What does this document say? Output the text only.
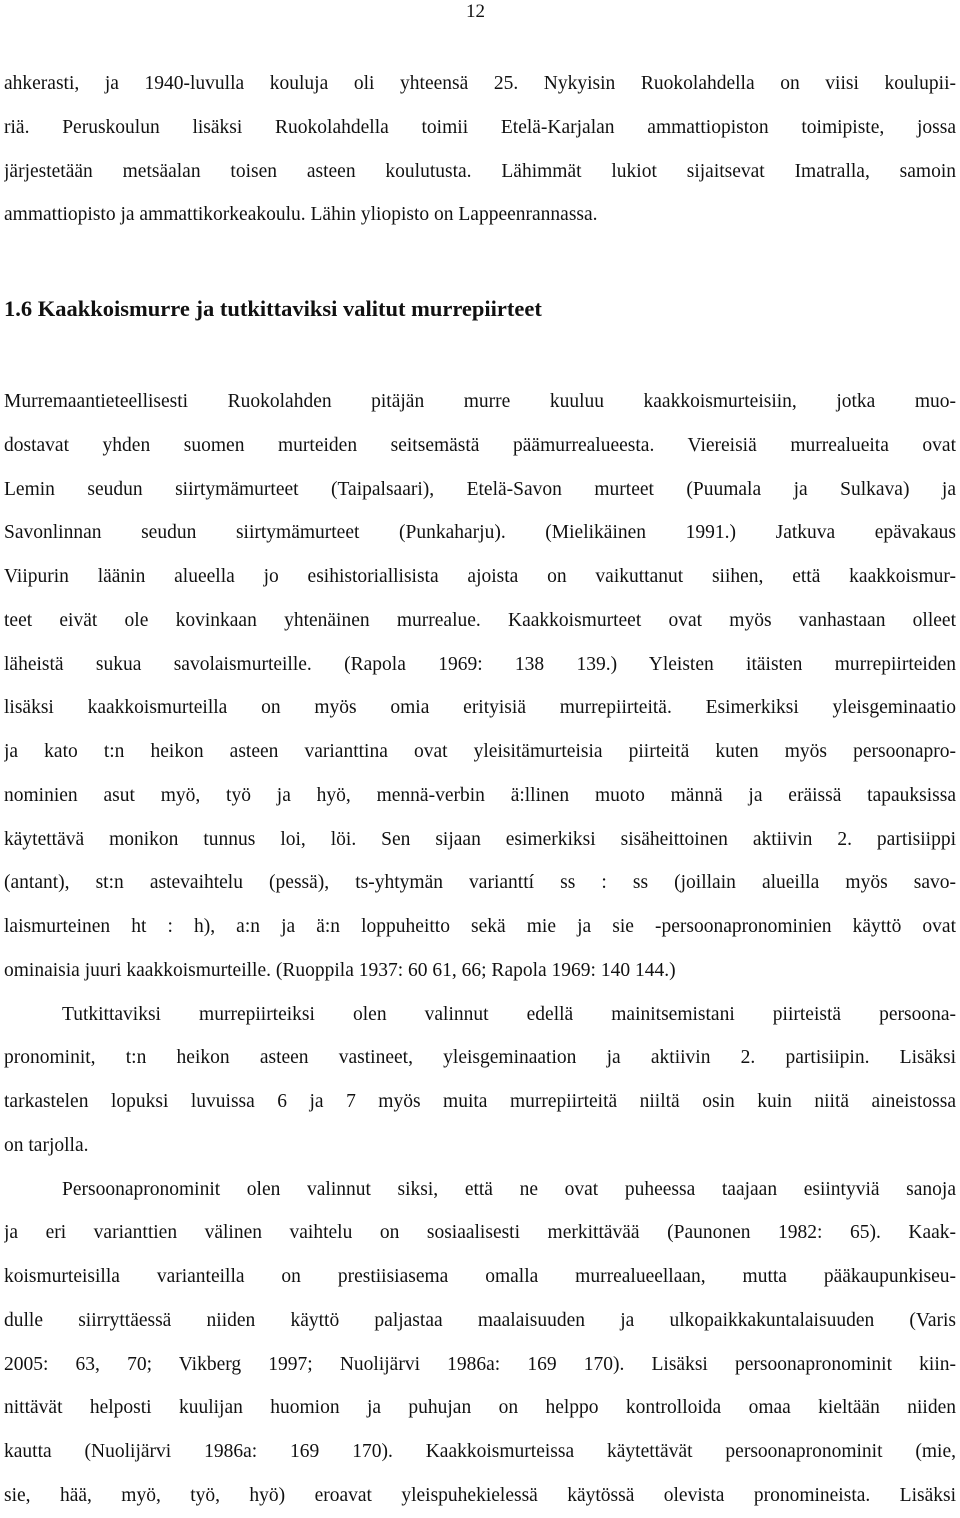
12
ahkerasti, ja 1940-luvulla kouluja oli yhteensä 25. Nykyisin Ruokolahdella on viisi koulupii-
riä. Peruskoulun lisäksi Ruokolahdella toimii Etelä-Karjalan ammattiopiston toimipiste, jossa
järjestetään metsäalan toisen asteen koulutusta. Lähimmät lukiot sijaitsevat Imatralla, samoin
ammattiopisto ja ammattikorkeakoulu. Lähin yliopisto on Lappeenrannassa.
1.6 Kaakkoismurre ja tutkittaviksi valitut murrepiirteet
Murremaantieteellisesti Ruokolahden pitäjän murre kuuluu kaakkoismurteisiin, jotka muo-
dostavat yhden suomen murteiden seitsemästä päämurrealueesta. Viereisiä murrealueita ovat
Lemin seudun siirtymämurteet (Taipalsaari), Etelä-Savon murteet (Puumala ja Sulkava) ja
Savonlinnan seudun siirtymämurteet (Punkaharju). (Mielikäinen 1991.) Jatkuva epävakaus
Viipurin läänin alueella jo esihistoriallisista ajoista on vaikuttanut siihen, että kaakkoismur-
teet eivät ole kovinkaan yhtenäinen murrealue. Kaakkoismurteet ovat myös vanhastaan olleet
läheistä sukua savolaismurteille. (Rapola 1969: 138 139.) Yleisten itäisten murrepiirteiden
lisäksi kaakkoismurteilla on myös omia erityisiä murrepiirteitä. Esimerkiksi yleisgeminaatio
ja kato t:n heikon asteen varianttina ovat yleisitämurteisia piirteitä kuten myös persoonapro-
nominien asut myö, työ ja hyö, mennä-verbin ä:llinen muoto männä ja eräissä tapauksissa
käytettävä monikon tunnus loi, löi. Sen sijaan esimerkiksi sisäheittoinen aktiivin 2. partisiippi
(antant), st:n astevaihtelu (pessä), ts-yhtymän varianttí ss : ss (joillain alueilla myös savo-
laismurteinen ht : h), a:n ja ä:n loppuheitto sekä mie ja sie -persoonapronominien käyttö ovat
ominaisia juuri kaakkoismurteille. (Ruoppila 1937: 60 61, 66; Rapola 1969: 140 144.)
Tutkittaviksi murrepiirteiksi olen valinnut edellä mainitsemistani piirteistä persoona-
pronominit, t:n heikon asteen vastineet, yleisgeminaation ja aktiivin 2. partisiipin. Lisäksi
tarkastelen lopuksi luvuissa 6 ja 7 myös muita murrepiirteitä niiltä osin kuin niitä aineistossa
on tarjolla.
Persoonapronominit olen valinnut siksi, että ne ovat puheessa taajaan esiintyviä sanoja
ja eri varianttien välinen vaihtelu on sosiaalisesti merkittävää (Paunonen 1982: 65). Kaak-
koismurteisilla varianteilla on prestiisiasema omalla murrealueellaan, mutta pääkaupunkiseu-
dulle siirryttäessä niiden käyttö paljastaa maalaisuuden ja ulkopaikkakuntalaisuuden (Varis
2005: 63, 70; Vikberg 1997; Nuolijärvi 1986a: 169 170). Lisäksi persoonapronominit kiin-
nittävät helposti kuulijan huomion ja puhujan on helppo kontrolloida omaa kieltään niiden
kautta (Nuolijärvi 1986a: 169 170). Kaakkoismurteissa käytettävät persoonapronominit (mie,
sie, hää, myö, työ, hyö) eroavat yleispuhekielessä käytössä olevista pronomineista. Lisäksi
